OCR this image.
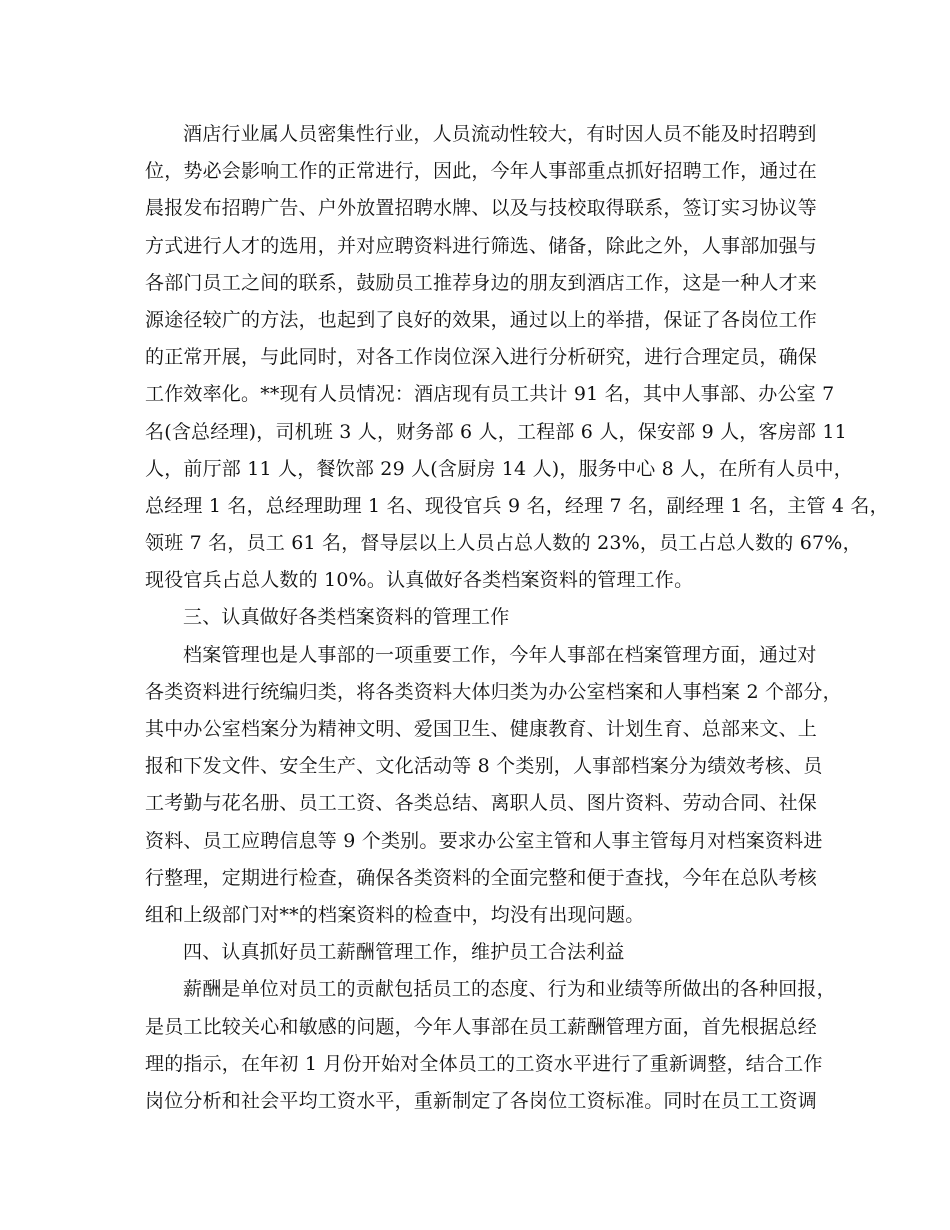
酒店行业属人员密集性行业，人员流动性较大，有时因人员不能及时招聘到
位，势必会影响工作的正常进行，因此，今年人事部重点抓好招聘工作，通过在
晨报发布招聘广告、户外放置招聘水牌、以及与技校取得联系，签订实习协议等
方式进行人才的选用，并对应聘资料进行筛选、储备，除此之外，人事部加强与
各部门员工之间的联系，鼓励员工推荐身边的朋友到酒店工作，这是一种人才来
源途径较广的方法，也起到了良好的效果，通过以上的举措，保证了各岗位工作
的正常开展，与此同时，对各工作岗位深入进行分析研究，进行合理定员，确保
工作效率化。**现有人员情况：酒店现有员工共计 91 名，其中人事部、办公室 7
名(含总经理)，司机班 3 人，财务部 6 人，工程部 6 人，保安部 9 人，客房部 11
人，前厅部 11 人，餐饮部 29 人(含厨房 14 人)，服务中心 8 人，在所有人员中，
总经理 1 名，总经理助理 1 名、现役官兵 9 名，经理 7 名，副经理 1 名，主管 4 名，
领班 7 名，员工 61 名，督导层以上人员占总人数的 23%，员工占总人数的 67%，
现役官兵占总人数的 10%。认真做好各类档案资料的管理工作。
三、认真做好各类档案资料的管理工作
档案管理也是人事部的一项重要工作，今年人事部在档案管理方面，通过对
各类资料进行统编归类，将各类资料大体归类为办公室档案和人事档案 2 个部分，
其中办公室档案分为精神文明、爱国卫生、健康教育、计划生育、总部来文、上
报和下发文件、安全生产、文化活动等 8 个类别，人事部档案分为绩效考核、员
工考勤与花名册、员工工资、各类总结、离职人员、图片资料、劳动合同、社保
资料、员工应聘信息等 9 个类别。要求办公室主管和人事主管每月对档案资料进
行整理，定期进行检查，确保各类资料的全面完整和便于查找，今年在总队考核
组和上级部门对**的档案资料的检查中，均没有出现问题。
四、认真抓好员工薪酬管理工作，维护员工合法利益
薪酬是单位对员工的贡献包括员工的态度、行为和业绩等所做出的各种回报，
是员工比较关心和敏感的问题，今年人事部在员工薪酬管理方面，首先根据总经
理的指示，在年初 1 月份开始对全体员工的工资水平进行了重新调整，结合工作
岗位分析和社会平均工资水平，重新制定了各岗位工资标准。同时在员工工资调
